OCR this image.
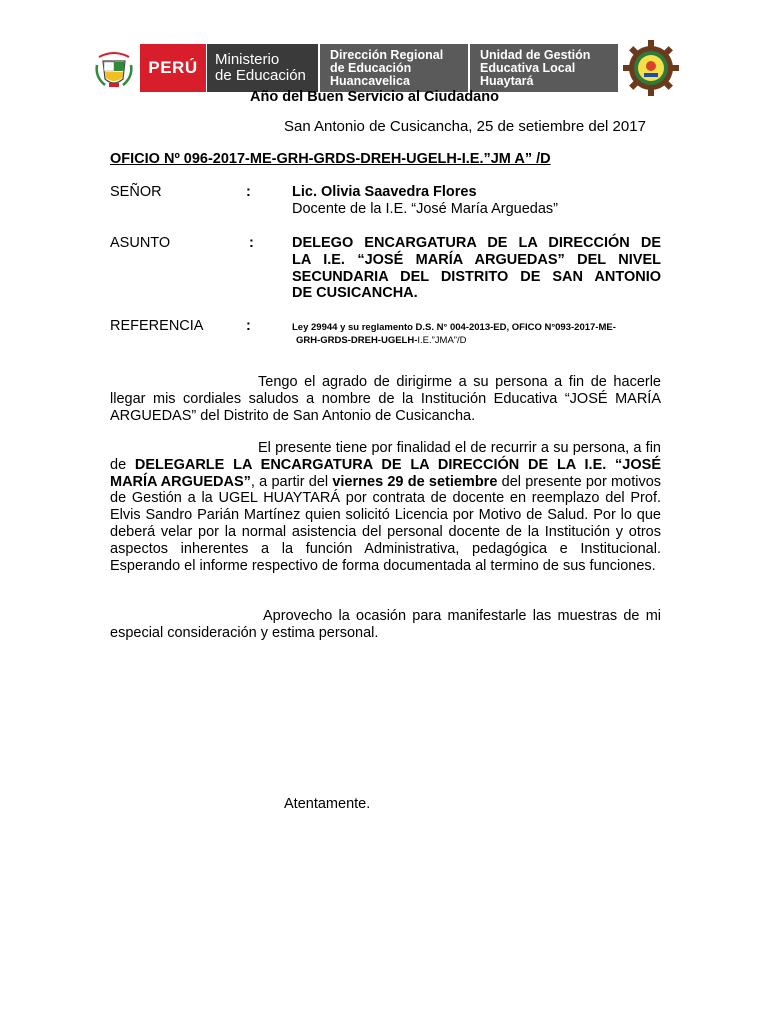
PERÚ	Ministerio
de Educación
Dirección Regional
de Educación
Huancavelica
Unidad de Gestión
Educativa Local
Huaytará
Año del Buen Servicio al Ciudadano
San Antonio de Cusicancha, 25 de setiembre del 2017
OFICIO Nº 096-2017-ME-GRH-GRDS-DREH-UGELH-I.E.”JM A” /D
SEÑOR	:	Lic. Olivia Saavedra Flores
Docente de la I.E. “José María Arguedas”
ASUNTO	:	DELEGO ENCARGATURA DE LA DIRECCIÓN DE
LA I.E. “JOSÉ MARÍA ARGUEDAS” DEL NIVEL
SECUNDARIA DEL DISTRITO DE SAN ANTONIO
DE CUSICANCHA.
REFERENCIA	:	Ley 29944 y su reglamento D.S. N° 004-2013-ED, OFICO N°093-2017-ME-
GRH-GRDS-DREH-UGELH-I.E.”JMA”/D
Tengo el agrado de dirigirme a su persona a fin de hacerle llegar mis cordiales saludos a nombre de la Institución Educativa “JOSÉ MARÍA ARGUEDAS” del Distrito de San Antonio de Cusicancha.
El presente tiene por finalidad el de recurrir a su persona, a fin de DELEGARLE LA ENCARGATURA DE LA DIRECCIÓN DE LA I.E. “JOSÉ MARÍA ARGUEDAS”, a partir del viernes 29 de setiembre del presente por motivos de Gestión a la UGEL HUAYTARÁ por contrata de docente en reemplazo del Prof. Elvis Sandro Parián Martínez quien solicitó Licencia por Motivo de Salud. Por lo que deberá velar por la normal asistencia del personal docente de la Institución y otros aspectos inherentes a la función Administrativa, pedagógica e Institucional. Esperando el informe respectivo de forma documentada al termino de sus funciones.
Aprovecho la ocasión para manifestarle las muestras de mi especial consideración y estima personal.
Atentamente.
